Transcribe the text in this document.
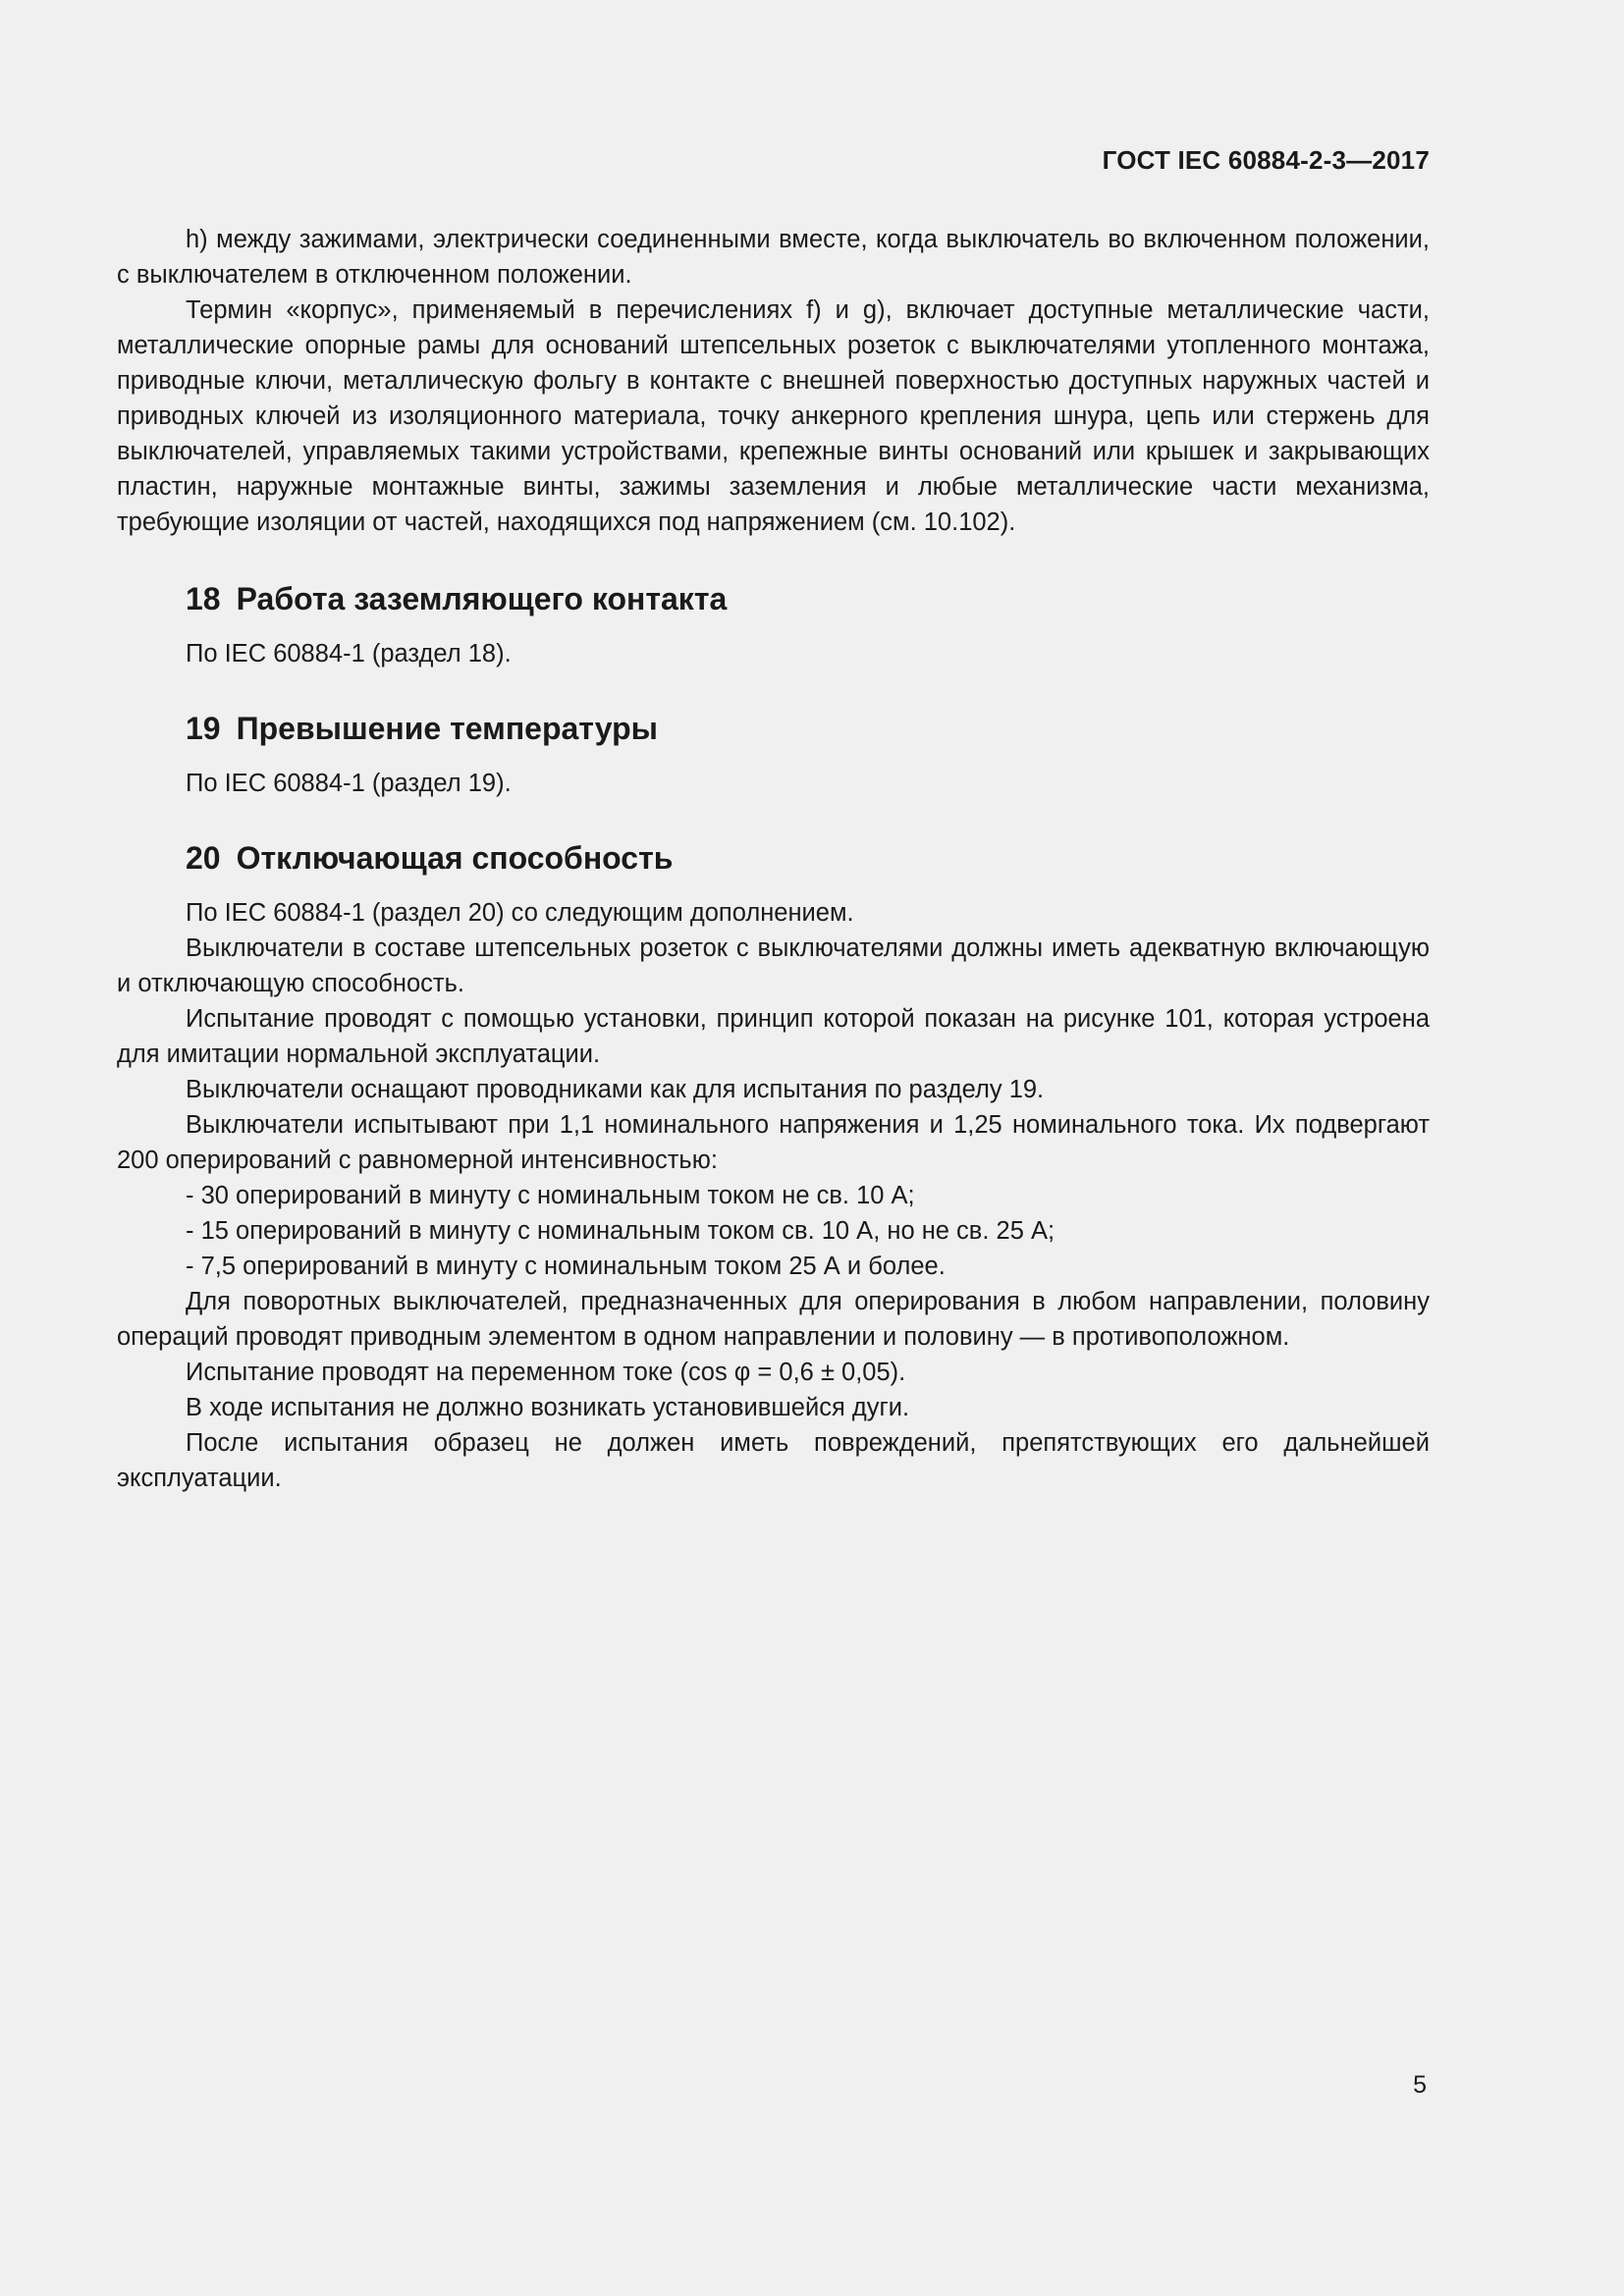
ГОСТ IEC 60884-2-3—2017

h) между зажимами, электрически соединенными вместе, когда выключатель во включенном положении, с выключателем в отключенном положении.

Термин «корпус», применяемый в перечислениях f) и g), включает доступные металлические части, металлические опорные рамы для оснований штепсельных розеток с выключателями утопленного монтажа, приводные ключи, металлическую фольгу в контакте с внешней поверхностью доступных наружных частей и приводных ключей из изоляционного материала, точку анкерного крепления шнура, цепь или стержень для выключателей, управляемых такими устройствами, крепежные винты оснований или крышек и закрывающих пластин, наружные монтажные винты, зажимы заземления и любые металлические части механизма, требующие изоляции от частей, находящихся под напряжением (см. 10.102).

18 Работа заземляющего контакта

По IEC 60884-1 (раздел 18).

19 Превышение температуры

По IEC 60884-1 (раздел 19).

20 Отключающая способность

По IEC 60884-1 (раздел 20) со следующим дополнением.

Выключатели в составе штепсельных розеток с выключателями должны иметь адекватную включающую и отключающую способность.

Испытание проводят с помощью установки, принцип которой показан на рисунке 101, которая устроена для имитации нормальной эксплуатации.

Выключатели оснащают проводниками как для испытания по разделу 19.

Выключатели испытывают при 1,1 номинального напряжения и 1,25 номинального тока. Их подвергают 200 оперирований с равномерной интенсивностью:

- 30 оперирований в минуту с номинальным током не св. 10 А;

- 15 оперирований в минуту с номинальным током св. 10 А, но не св. 25 А;

- 7,5 оперирований в минуту с номинальным током 25 А и более.

Для поворотных выключателей, предназначенных для оперирования в любом направлении, половину операций проводят приводным элементом в одном направлении и половину — в противоположном.

Испытание проводят на переменном токе (cos φ = 0,6 ± 0,05).

В ходе испытания не должно возникать установившейся дуги.

После испытания образец не должен иметь повреждений, препятствующих его дальнейшей эксплуатации.

5
